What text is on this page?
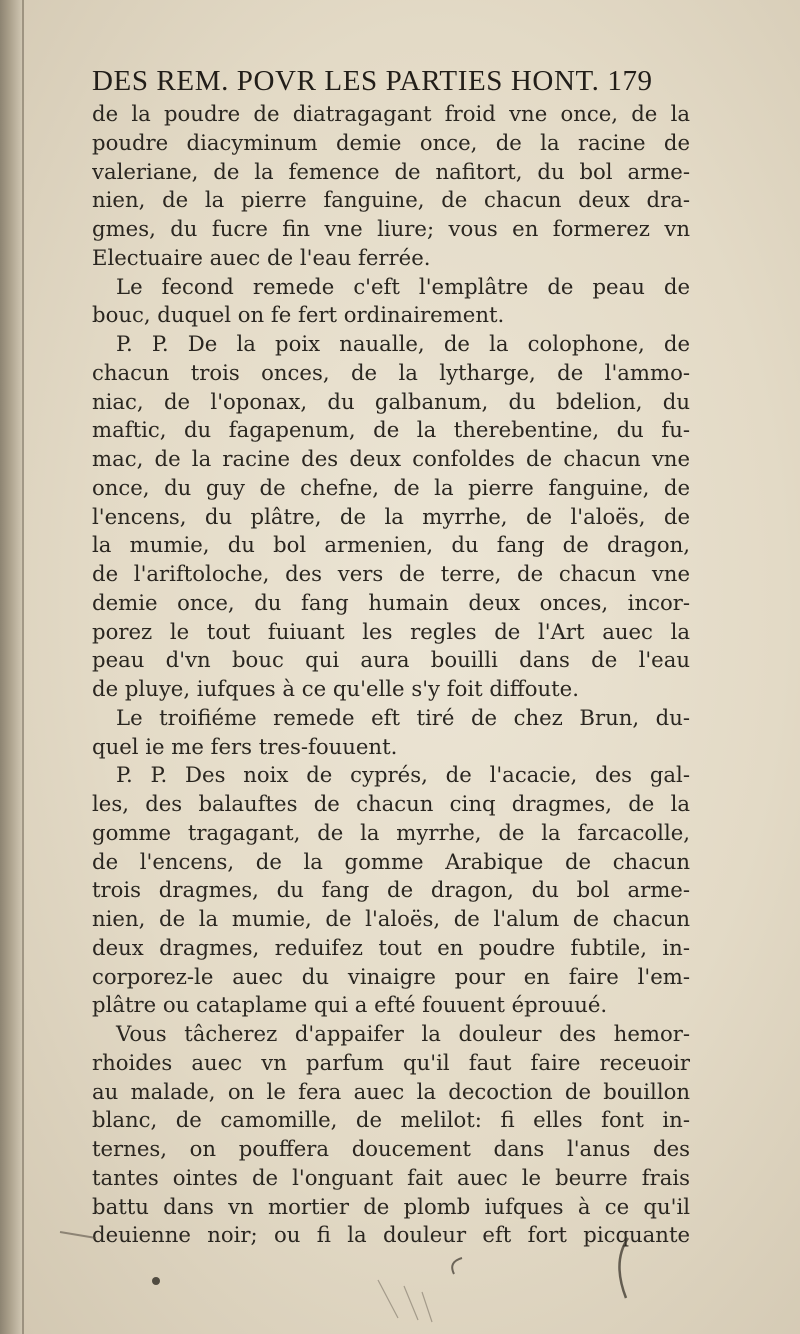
DES REM. POVR LES PARTIES HONT. 179
de la poudre de diatragagant froid vne once, de la
poudre diacyminum demie once, de la racine de
valeriane, de la femence de nafitort, du bol arme-
nien, de la pierre fanguine, de chacun deux dra-
gmes, du fucre fin vne liure; vous en formerez vn
Electuaire auec de l'eau ferrée.
Le fecond remede c'eft l'emplâtre de peau de
bouc, duquel on fe fert ordinairement.
P. P. De la poix naualle, de la colophone, de
chacun trois onces, de la lytharge, de l'ammo-
niac, de l'oponax, du galbanum, du bdelion, du
maftic, du fagapenum, de la therebentine, du fu-
mac, de la racine des deux confoldes de chacun vne
once, du guy de chefne, de la pierre fanguine, de
l'encens, du plâtre, de la myrrhe, de l'aloës, de
la mumie, du bol armenien, du fang de dragon,
de l'ariftoloche, des vers de terre, de chacun vne
demie once, du fang humain deux onces, incor-
porez le tout fuiuant les regles de l'Art auec la
peau d'vn bouc qui aura bouilli dans de l'eau
de pluye, iufques à ce qu'elle s'y foit diffoute.
Le troifiéme remede eft tiré de chez Brun, du-
quel ie me fers tres-fouuent.
P. P. Des noix de cyprés, de l'acacie, des gal-
les, des balauftes de chacun cinq dragmes, de la
gomme tragagant, de la myrrhe, de la farcacolle,
de l'encens, de la gomme Arabique de chacun
trois dragmes, du fang de dragon, du bol arme-
nien, de la mumie, de l'aloës, de l'alum de chacun
deux dragmes, reduifez tout en poudre fubtile, in-
corporez-le auec du vinaigre pour en faire l'em-
plâtre ou cataplame qui a efté fouuent éprouué.
Vous tâcherez d'appaifer la douleur des hemor-
rhoides auec vn parfum qu'il faut faire receuoir
au malade, on le fera auec la decoction de bouillon
blanc, de camomille, de melilot: fi elles font in-
ternes, on pouffera doucement dans l'anus des
tantes ointes de l'onguant fait auec le beurre frais
battu dans vn mortier de plomb iufques à ce qu'il
deuienne noir; ou fi la douleur eft fort picquante
